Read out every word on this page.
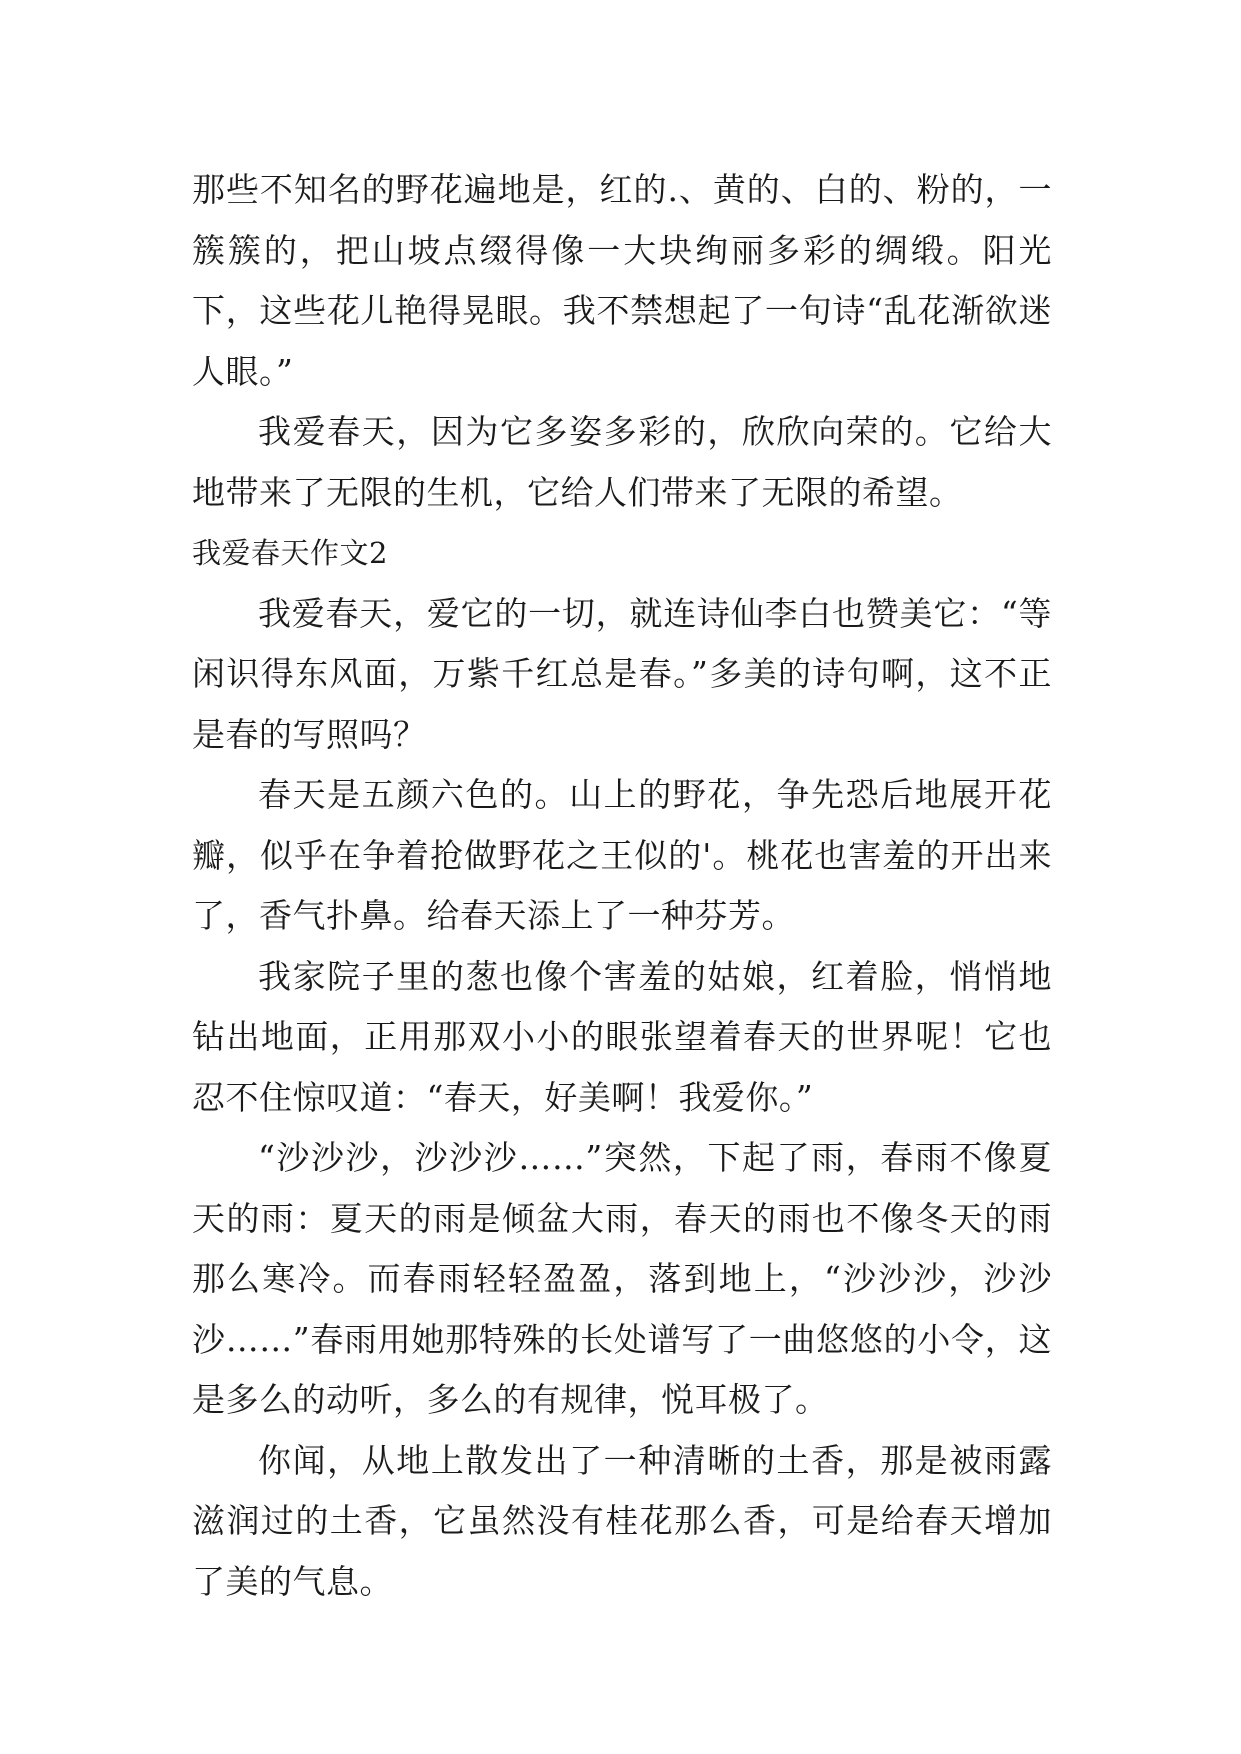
那些不知名的野花遍地是，红的.、黄的、白的、粉的，一簇簇的，把山坡点缀得像一大块绚丽多彩的绸缎。阳光下，这些花儿艳得晃眼。我不禁想起了一句诗“乱花渐欲迷人眼。”

我爱春天，因为它多姿多彩的，欣欣向荣的。它给大地带来了无限的生机，它给人们带来了无限的希望。

我爱春天作文2

我爱春天，爱它的一切，就连诗仙李白也赞美它：“等闲识得东风面，万紫千红总是春。”多美的诗句啊，这不正是春的写照吗？

春天是五颜六色的。山上的野花，争先恐后地展开花瓣，似乎在争着抢做野花之王似的'。桃花也害羞的开出来了，香气扑鼻。给春天添上了一种芬芳。

我家院子里的葱也像个害羞的姑娘，红着脸，悄悄地钻出地面，正用那双小小的眼张望着春天的世界呢！它也忍不住惊叹道：“春天，好美啊！我爱你。”

“沙沙沙，沙沙沙……”突然，下起了雨，春雨不像夏天的雨：夏天的雨是倾盆大雨，春天的雨也不像冬天的雨那么寒冷。而春雨轻轻盈盈，落到地上，“沙沙沙，沙沙沙……”春雨用她那特殊的长处谱写了一曲悠悠的小令，这是多么的动听，多么的有规律，悦耳极了。

你闻，从地上散发出了一种清晰的土香，那是被雨露滋润过的土香，它虽然没有桂花那么香，可是给春天增加了美的气息。
